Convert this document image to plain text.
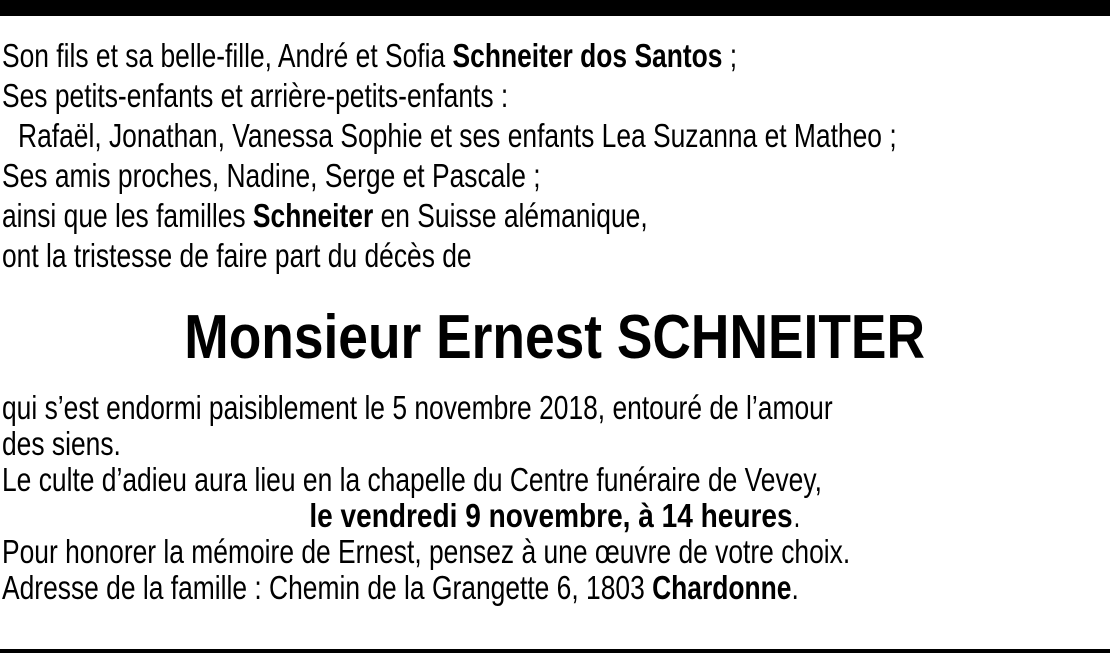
Son fils et sa belle-fille, André et Sofia Schneiter dos Santos ;
Ses petits-enfants et arrière-petits-enfants :
Rafaël, Jonathan, Vanessa Sophie et ses enfants Lea Suzanna et Matheo ;
Ses amis proches, Nadine, Serge et Pascale ;
ainsi que les familles Schneiter en Suisse alémanique,
ont la tristesse de faire part du décès de
Monsieur Ernest SCHNEITER
qui s’est endormi paisiblement le 5 novembre 2018, entouré de l’amour
des siens.
Le culte d’adieu aura lieu en la chapelle du Centre funéraire de Vevey,
le vendredi 9 novembre, à 14 heures.
Pour honorer la mémoire de Ernest, pensez à une œuvre de votre choix.
Adresse de la famille : Chemin de la Grangette 6, 1803 Chardonne.
